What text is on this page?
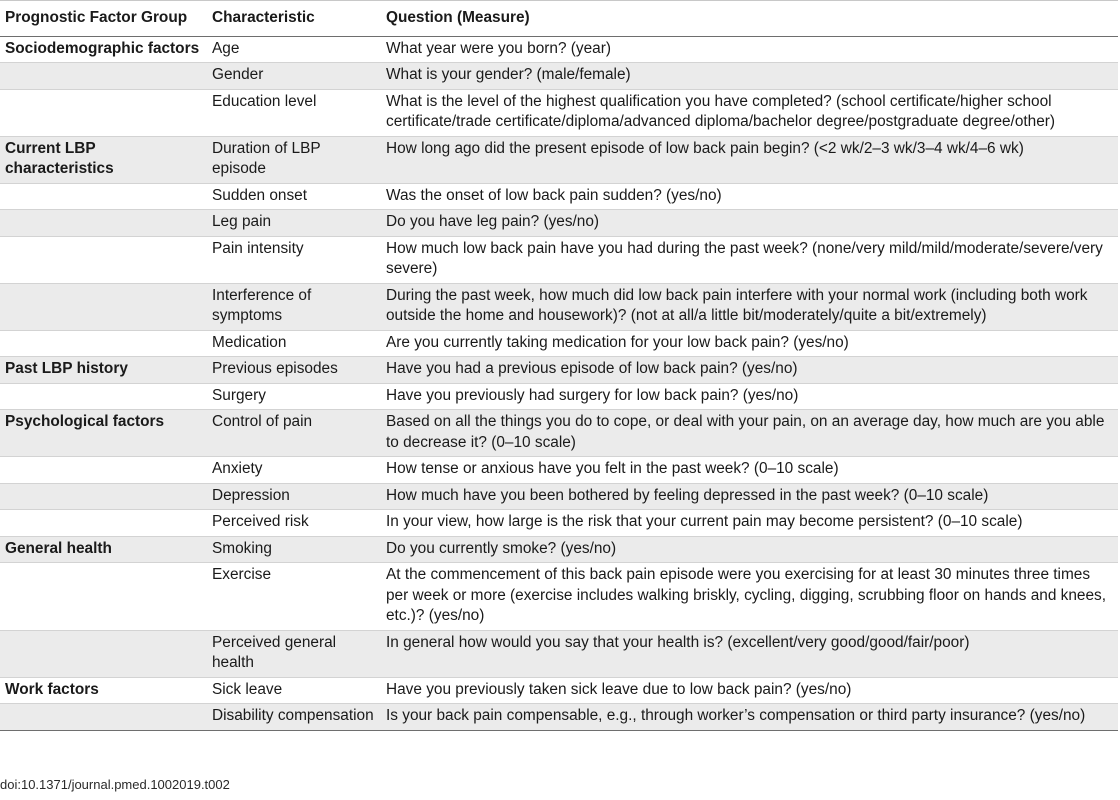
Prognostic Factor Group	Characteristic	Question (Measure)
Sociodemographic factors	Age	What year were you born? (year)
	Gender	What is your gender? (male/female)
	Education level	What is the level of the highest qualification you have completed? (school certificate/higher school certificate/trade certificate/diploma/advanced diploma/bachelor degree/postgraduate degree/other)
Current LBP characteristics	Duration of LBP episode	How long ago did the present episode of low back pain begin? (<2 wk/2–3 wk/3–4 wk/4–6 wk)
	Sudden onset	Was the onset of low back pain sudden? (yes/no)
	Leg pain	Do you have leg pain? (yes/no)
	Pain intensity	How much low back pain have you had during the past week? (none/very mild/mild/moderate/severe/very severe)
	Interference of symptoms	During the past week, how much did low back pain interfere with your normal work (including both work outside the home and housework)? (not at all/a little bit/moderately/quite a bit/extremely)
	Medication	Are you currently taking medication for your low back pain? (yes/no)
Past LBP history	Previous episodes	Have you had a previous episode of low back pain? (yes/no)
	Surgery	Have you previously had surgery for low back pain? (yes/no)
Psychological factors	Control of pain	Based on all the things you do to cope, or deal with your pain, on an average day, how much are you able to decrease it? (0–10 scale)
	Anxiety	How tense or anxious have you felt in the past week? (0–10 scale)
	Depression	How much have you been bothered by feeling depressed in the past week? (0–10 scale)
	Perceived risk	In your view, how large is the risk that your current pain may become persistent? (0–10 scale)
General health	Smoking	Do you currently smoke? (yes/no)
	Exercise	At the commencement of this back pain episode were you exercising for at least 30 minutes three times per week or more (exercise includes walking briskly, cycling, digging, scrubbing floor on hands and knees, etc.)? (yes/no)
	Perceived general health	In general how would you say that your health is? (excellent/very good/good/fair/poor)
Work factors	Sick leave	Have you previously taken sick leave due to low back pain? (yes/no)
	Disability compensation	Is your back pain compensable, e.g., through worker’s compensation or third party insurance? (yes/no)
doi:10.1371/journal.pmed.1002019.t002
